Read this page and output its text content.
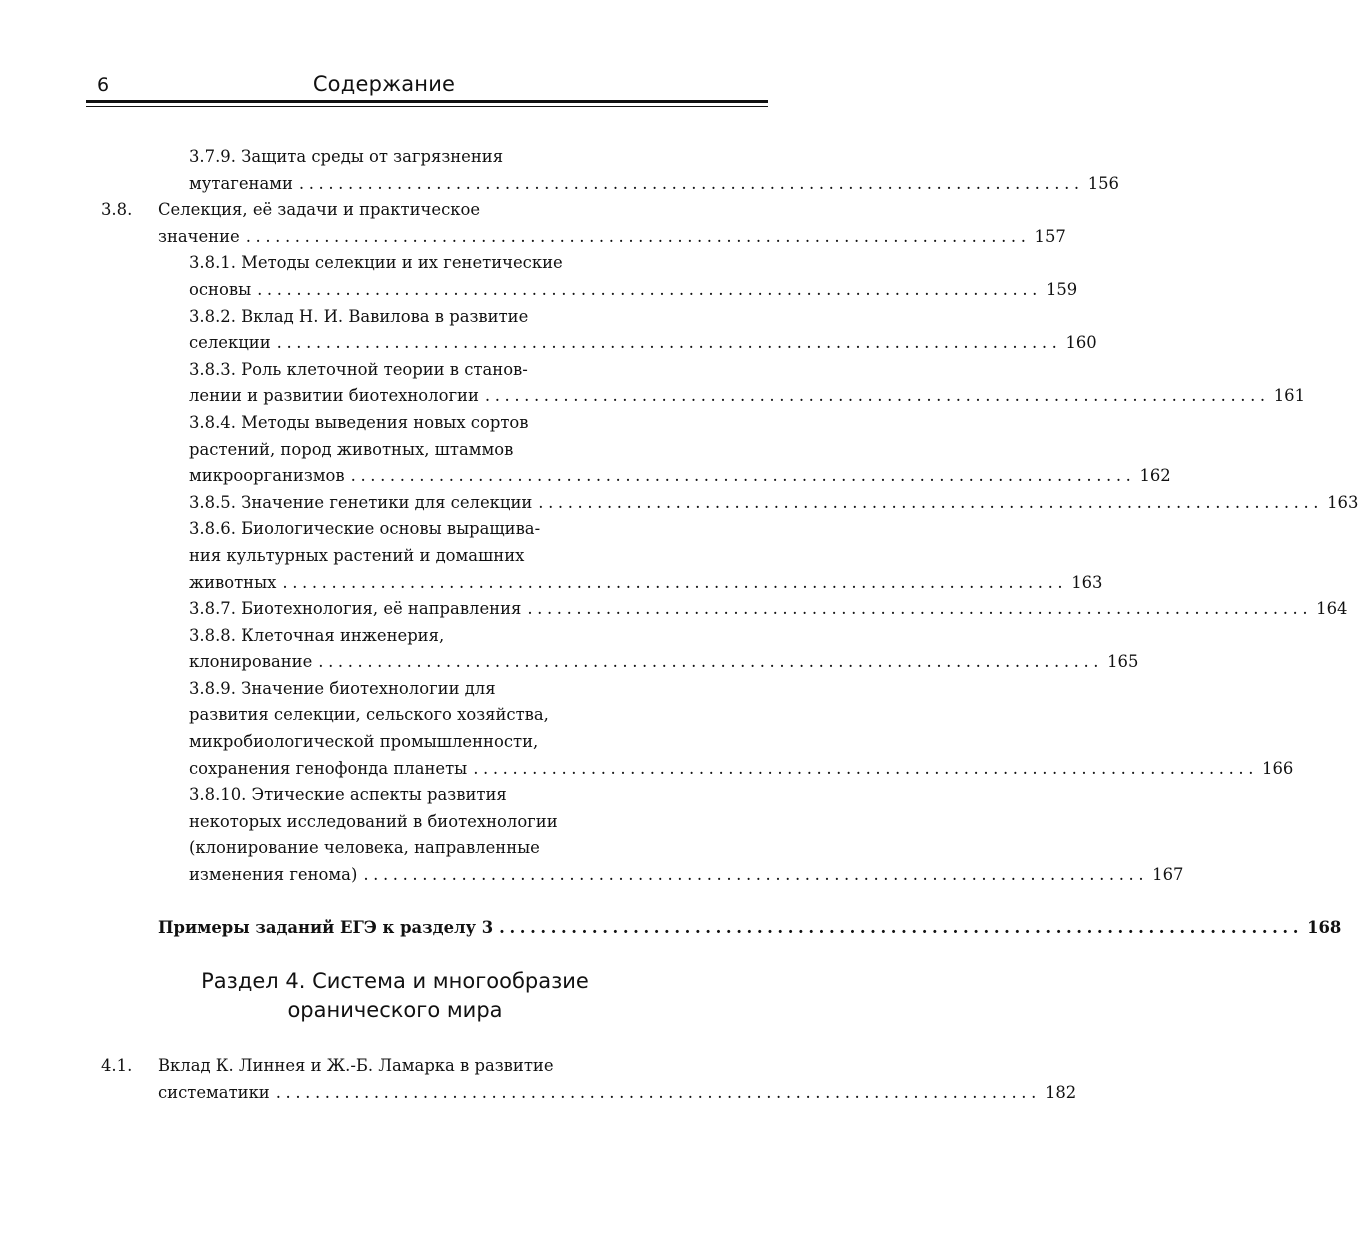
6	Содержание
3.7.9. Защита среды от загрязнения
мутагенами ................................................................................ 156
3.8. Селекция, её задачи и практическое
значение ................................................................................ 157
3.8.1. Методы селекции и их генетические
основы ................................................................................ 159
3.8.2. Вклад Н. И. Вавилова в развитие
селекции ................................................................................ 160
3.8.3. Роль клеточной теории в станов-
лении и развитии биотехнологии ................................................................................ 161
3.8.4. Методы выведения новых сортов
растений, пород животных, штаммов
микроорганизмов ................................................................................ 162
3.8.5. Значение генетики для селекции ................................................................................ 163
3.8.6. Биологические основы выращива-
ния культурных растений и домашних
животных ................................................................................ 163
3.8.7. Биотехнология, её направления ................................................................................ 164
3.8.8. Клеточная инженерия,
клонирование ................................................................................ 165
3.8.9. Значение биотехнологии для
развития селекции, сельского хозяйства,
микробиологической промышленности,
сохранения генофонда планеты ................................................................................ 166
3.8.10. Этические аспекты развития
некоторых исследований в биотехнологии
(клонирование человека, направленные
изменения генома) ................................................................................ 167
Примеры заданий ЕГЭ к разделу 3 .............................................................................. 168
Раздел 4. Система и многообразие
оранического мира
4.1. Вклад К. Линнея и Ж.-Б. Ламарка в развитие
систематики .............................................................................. 182
